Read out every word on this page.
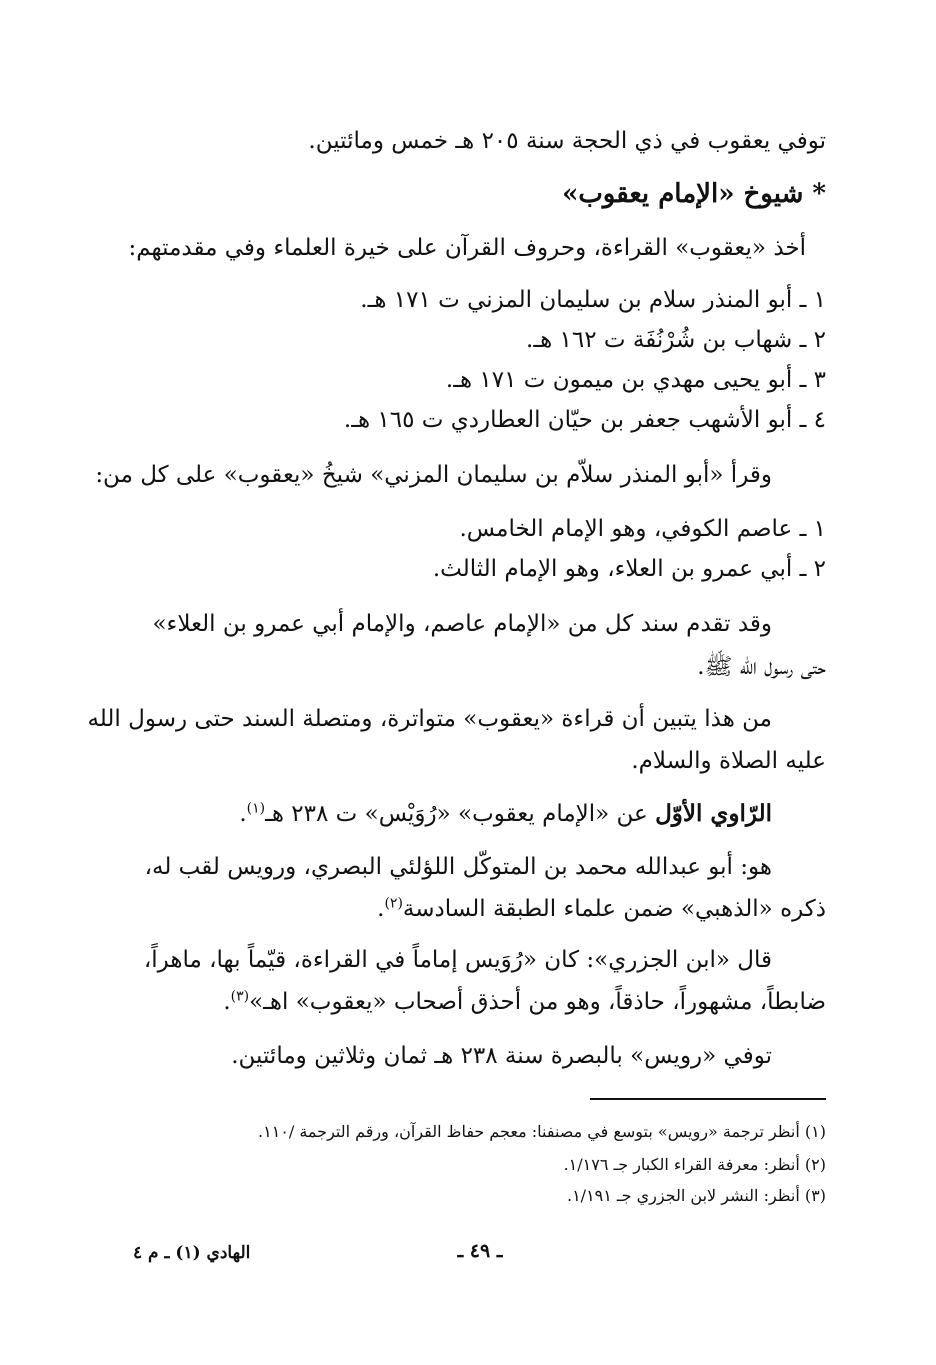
توفي يعقوب في ذي الحجة سنة ٢٠٥ هـ خمس ومائتين.
* شيوخ «الإمام يعقوب»
أخذ «يعقوب» القراءة، وحروف القرآن على خيرة العلماء وفي مقدمتهم:
١ ـ أبو المنذر سلام بن سليمان المزني ت ١٧١ هـ.
٢ ـ شهاب بن شُرْنُفَة ت ١٦٢ هـ.
٣ ـ أبو يحيى مهدي بن ميمون ت ١٧١ هـ.
٤ ـ أبو الأشهب جعفر بن حيّان العطاردي ت ١٦٥ هـ.
وقرأ «أبو المنذر سلاّم بن سليمان المزني» شيخُ «يعقوب» على كل من:
١ ـ عاصم الكوفي، وهو الإمام الخامس.
٢ ـ أبي عمرو بن العلاء، وهو الإمام الثالث.
وقد تقدم سند كل من «الإمام عاصم، والإمام أبي عمرو بن العلاء»
حتى رسول الله ﷺ.
من هذا يتبين أن قراءة «يعقوب» متواترة، ومتصلة السند حتى رسول الله
عليه الصلاة والسلام.
الرّاوي الأوّل عن «الإمام يعقوب» «رُوَيْس» ت ٢٣٨ هـ$^{(١)}$.
هو: أبو عبدالله محمد بن المتوكّل اللؤلئي البصري، ورويس لقب له،
ذكره «الذهبي» ضمن علماء الطبقة السادسة$^{(٢)}$.
قال «ابن الجزري»: كان «رُوَيس إماماً في القراءة، قيّماً بها، ماهراً،
ضابطاً، مشهوراً، حاذقاً، وهو من أحذق أصحاب «يعقوب» اهـ»$^{(٣)}$.
توفي «رويس» بالبصرة سنة ٢٣٨ هـ ثمان وثلاثين ومائتين.
(١) أنظر ترجمة «رويس» بتوسع في مصنفنا: معجم حفاظ القرآن، ورقم الترجمة /١١٠.
(٢) أنظر: معرفة القراء الكبار جـ ١/١٧٦.
(٣) أنظر: النشر لابن الجزري جـ ١/١٩١.
الهادي (١) ـ م ٤	ـ ٤٩ ـ
